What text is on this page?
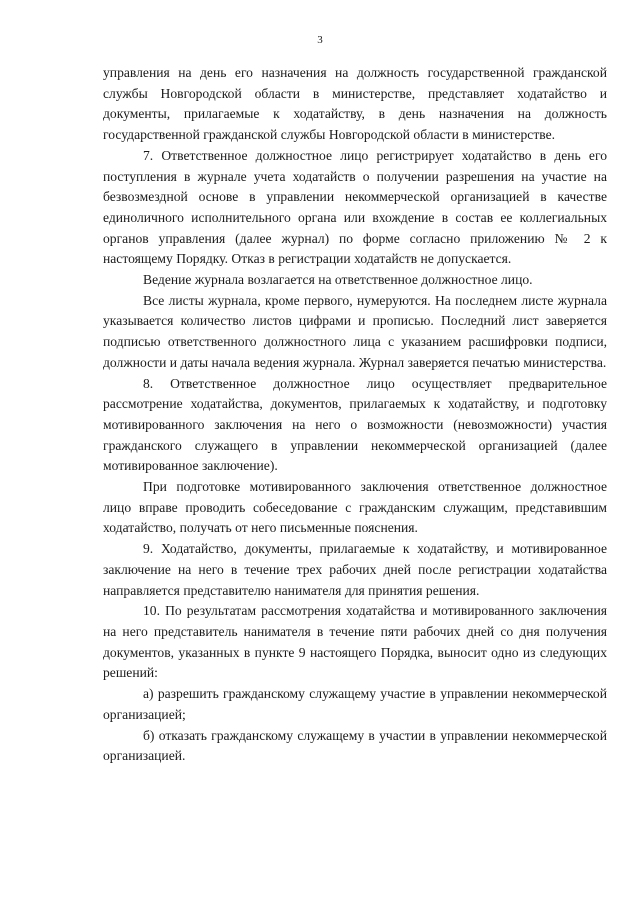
3

управления на день его назначения на должность государственной гражданской службы Новгородской области в министерстве, представляет ходатайство и документы, прилагаемые к ходатайству, в день назначения на должность государственной гражданской службы Новгородской области в министерстве.

7. Ответственное должностное лицо регистрирует ходатайство в день его поступления в журнале учета ходатайств о получении разрешения на участие на безвозмездной основе в управлении некоммерческой организацией в качестве единоличного исполнительного органа или вхождение в состав ее коллегиальных органов управления (далее журнал) по форме согласно приложению № 2 к настоящему Порядку. Отказ в регистрации ходатайств не допускается.

Ведение журнала возлагается на ответственное должностное лицо.

Все листы журнала, кроме первого, нумеруются. На последнем листе журнала указывается количество листов цифрами и прописью. Последний лист заверяется подписью ответственного должностного лица с указанием расшифровки подписи, должности и даты начала ведения журнала. Журнал заверяется печатью министерства.

8. Ответственное должностное лицо осуществляет предварительное рассмотрение ходатайства, документов, прилагаемых к ходатайству, и подготовку мотивированного заключения на него о возможности (невозможности) участия гражданского служащего в управлении некоммерческой организацией (далее мотивированное заключение).

При подготовке мотивированного заключения ответственное должностное лицо вправе проводить собеседование с гражданским служащим, представившим ходатайство, получать от него письменные пояснения.

9. Ходатайство, документы, прилагаемые к ходатайству, и мотивированное заключение на него в течение трех рабочих дней после регистрации ходатайства направляется представителю нанимателя для принятия решения.

10. По результатам рассмотрения ходатайства и мотивированного заключения на него представитель нанимателя в течение пяти рабочих дней со дня получения документов, указанных в пункте 9 настоящего Порядка, выносит одно из следующих решений:

а) разрешить гражданскому служащему участие в управлении некоммерческой организацией;

б) отказать гражданскому служащему в участии в управлении некоммерческой организацией.
